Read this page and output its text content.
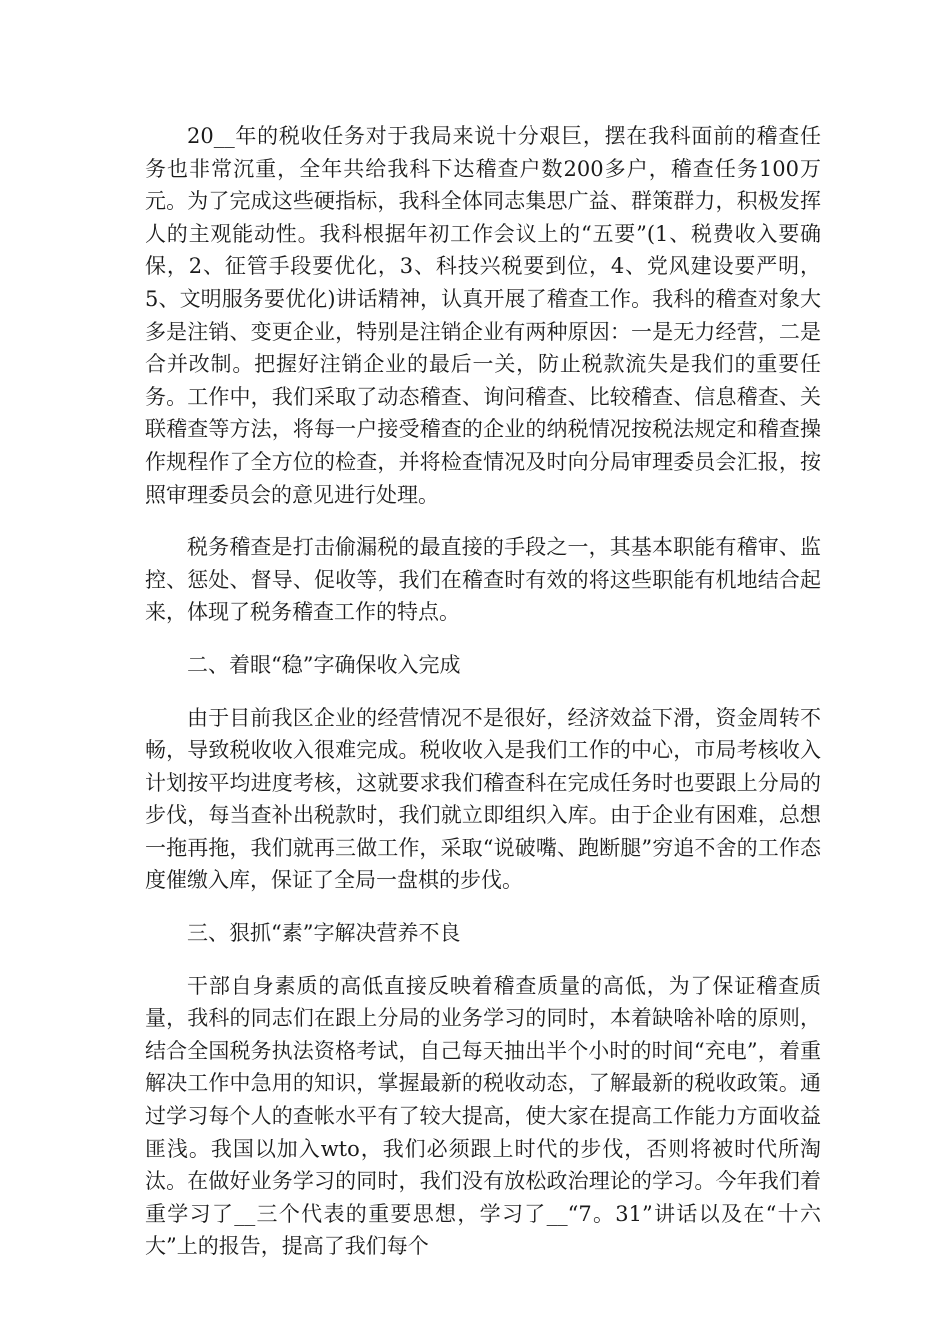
20__年的税收任务对于我局来说十分艰巨，摆在我科面前的稽查任务也非常沉重，全年共给我科下达稽查户数200多户，稽查任务100万元。为了完成这些硬指标，我科全体同志集思广益、群策群力，积极发挥人的主观能动性。我科根据年初工作会议上的“五要”(1、税费收入要确保，2、征管手段要优化，3、科技兴税要到位，4、党风建设要严明，5、文明服务要优化)讲话精神，认真开展了稽查工作。我科的稽查对象大多是注销、变更企业，特别是注销企业有两种原因：一是无力经营，二是合并改制。把握好注销企业的最后一关，防止税款流失是我们的重要任务。工作中，我们采取了动态稽查、询问稽查、比较稽查、信息稽查、关联稽查等方法，将每一户接受稽查的企业的纳税情况按税法规定和稽查操作规程作了全方位的检查，并将检查情况及时向分局审理委员会汇报，按照审理委员会的意见进行处理。

税务稽查是打击偷漏税的最直接的手段之一，其基本职能有稽审、监控、惩处、督导、促收等，我们在稽查时有效的将这些职能有机地结合起来，体现了税务稽查工作的特点。

二、着眼“稳”字确保收入完成

由于目前我区企业的经营情况不是很好，经济效益下滑，资金周转不畅，导致税收收入很难完成。税收收入是我们工作的中心，市局考核收入计划按平均进度考核，这就要求我们稽查科在完成任务时也要跟上分局的步伐，每当查补出税款时，我们就立即组织入库。由于企业有困难，总想一拖再拖，我们就再三做工作，采取“说破嘴、跑断腿”穷追不舍的工作态度催缴入库，保证了全局一盘棋的步伐。

三、狠抓“素”字解决营养不良

干部自身素质的高低直接反映着稽查质量的高低，为了保证稽查质量，我科的同志们在跟上分局的业务学习的同时，本着缺啥补啥的原则，结合全国税务执法资格考试，自己每天抽出半个小时的时间“充电”，着重解决工作中急用的知识，掌握最新的税收动态，了解最新的税收政策。通过学习每个人的查帐水平有了较大提高，使大家在提高工作能力方面收益匪浅。我国以加入wto，我们必须跟上时代的步伐，否则将被时代所淘汰。在做好业务学习的同时，我们没有放松政治理论的学习。今年我们着重学习了__三个代表的重要思想，学习了__“7。31”讲话以及在“十六大”上的报告，提高了我们每个
